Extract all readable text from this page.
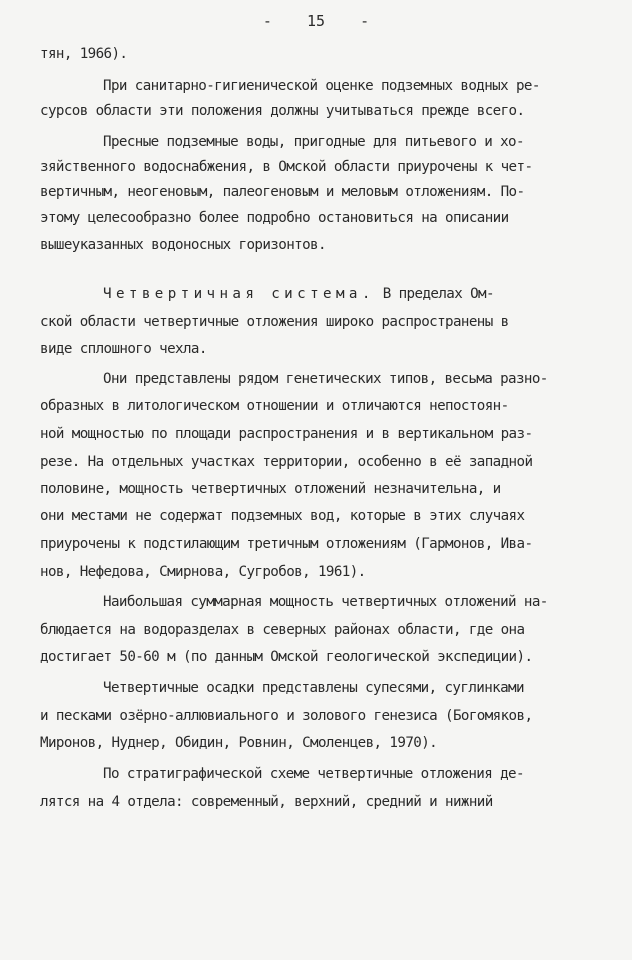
- 15 -
тян, 1966).
При санитарно-гигиенической оценке подземных водных ре-
сурсов области эти положения должны учитываться прежде всего.
Пресные подземные воды, пригодные для питьевого и хо-
зяйственного водоснабжения, в Омской области приурочены к чет-
вертичным, неогеновым, палеогеновым и меловым отложениям. По-
этому целесообразно более подробно остановиться на описании
вышеуказанных водоносных горизонтов.
Четвертичная система. В пределах Ом-
ской области четвертичные отложения широко распространены в
виде сплошного чехла.
Они представлены рядом генетических типов, весьма разно-
образных в литологическом отношении и отличаются непостоян-
ной мощностью по площади распространения и в вертикальном раз-
резе. На отдельных участках территории, особенно в её западной
половине, мощность четвертичных отложений незначительна, и
они местами не содержат подземных вод, которые в этих случаях
приурочены к подстилающим третичным отложениям (Гармонов, Ива-
нов, Нефедова, Смирнова, Сугробов, 1961).
Наибольшая суммарная мощность четвертичных отложений на-
блюдается на водоразделах в северных районах области, где она
достигает 50-60 м (по данным Омской геологической экспедиции).
Четвертичные осадки представлены супесями, суглинками
и песками озёрно-аллювиального и золового генезиса (Богомяков,
Миронов, Нуднер, Обидин, Ровнин, Смоленцев, 1970).
По стратиграфической схеме четвертичные отложения де-
лятся на 4 отдела: современный, верхний, средний и нижний
